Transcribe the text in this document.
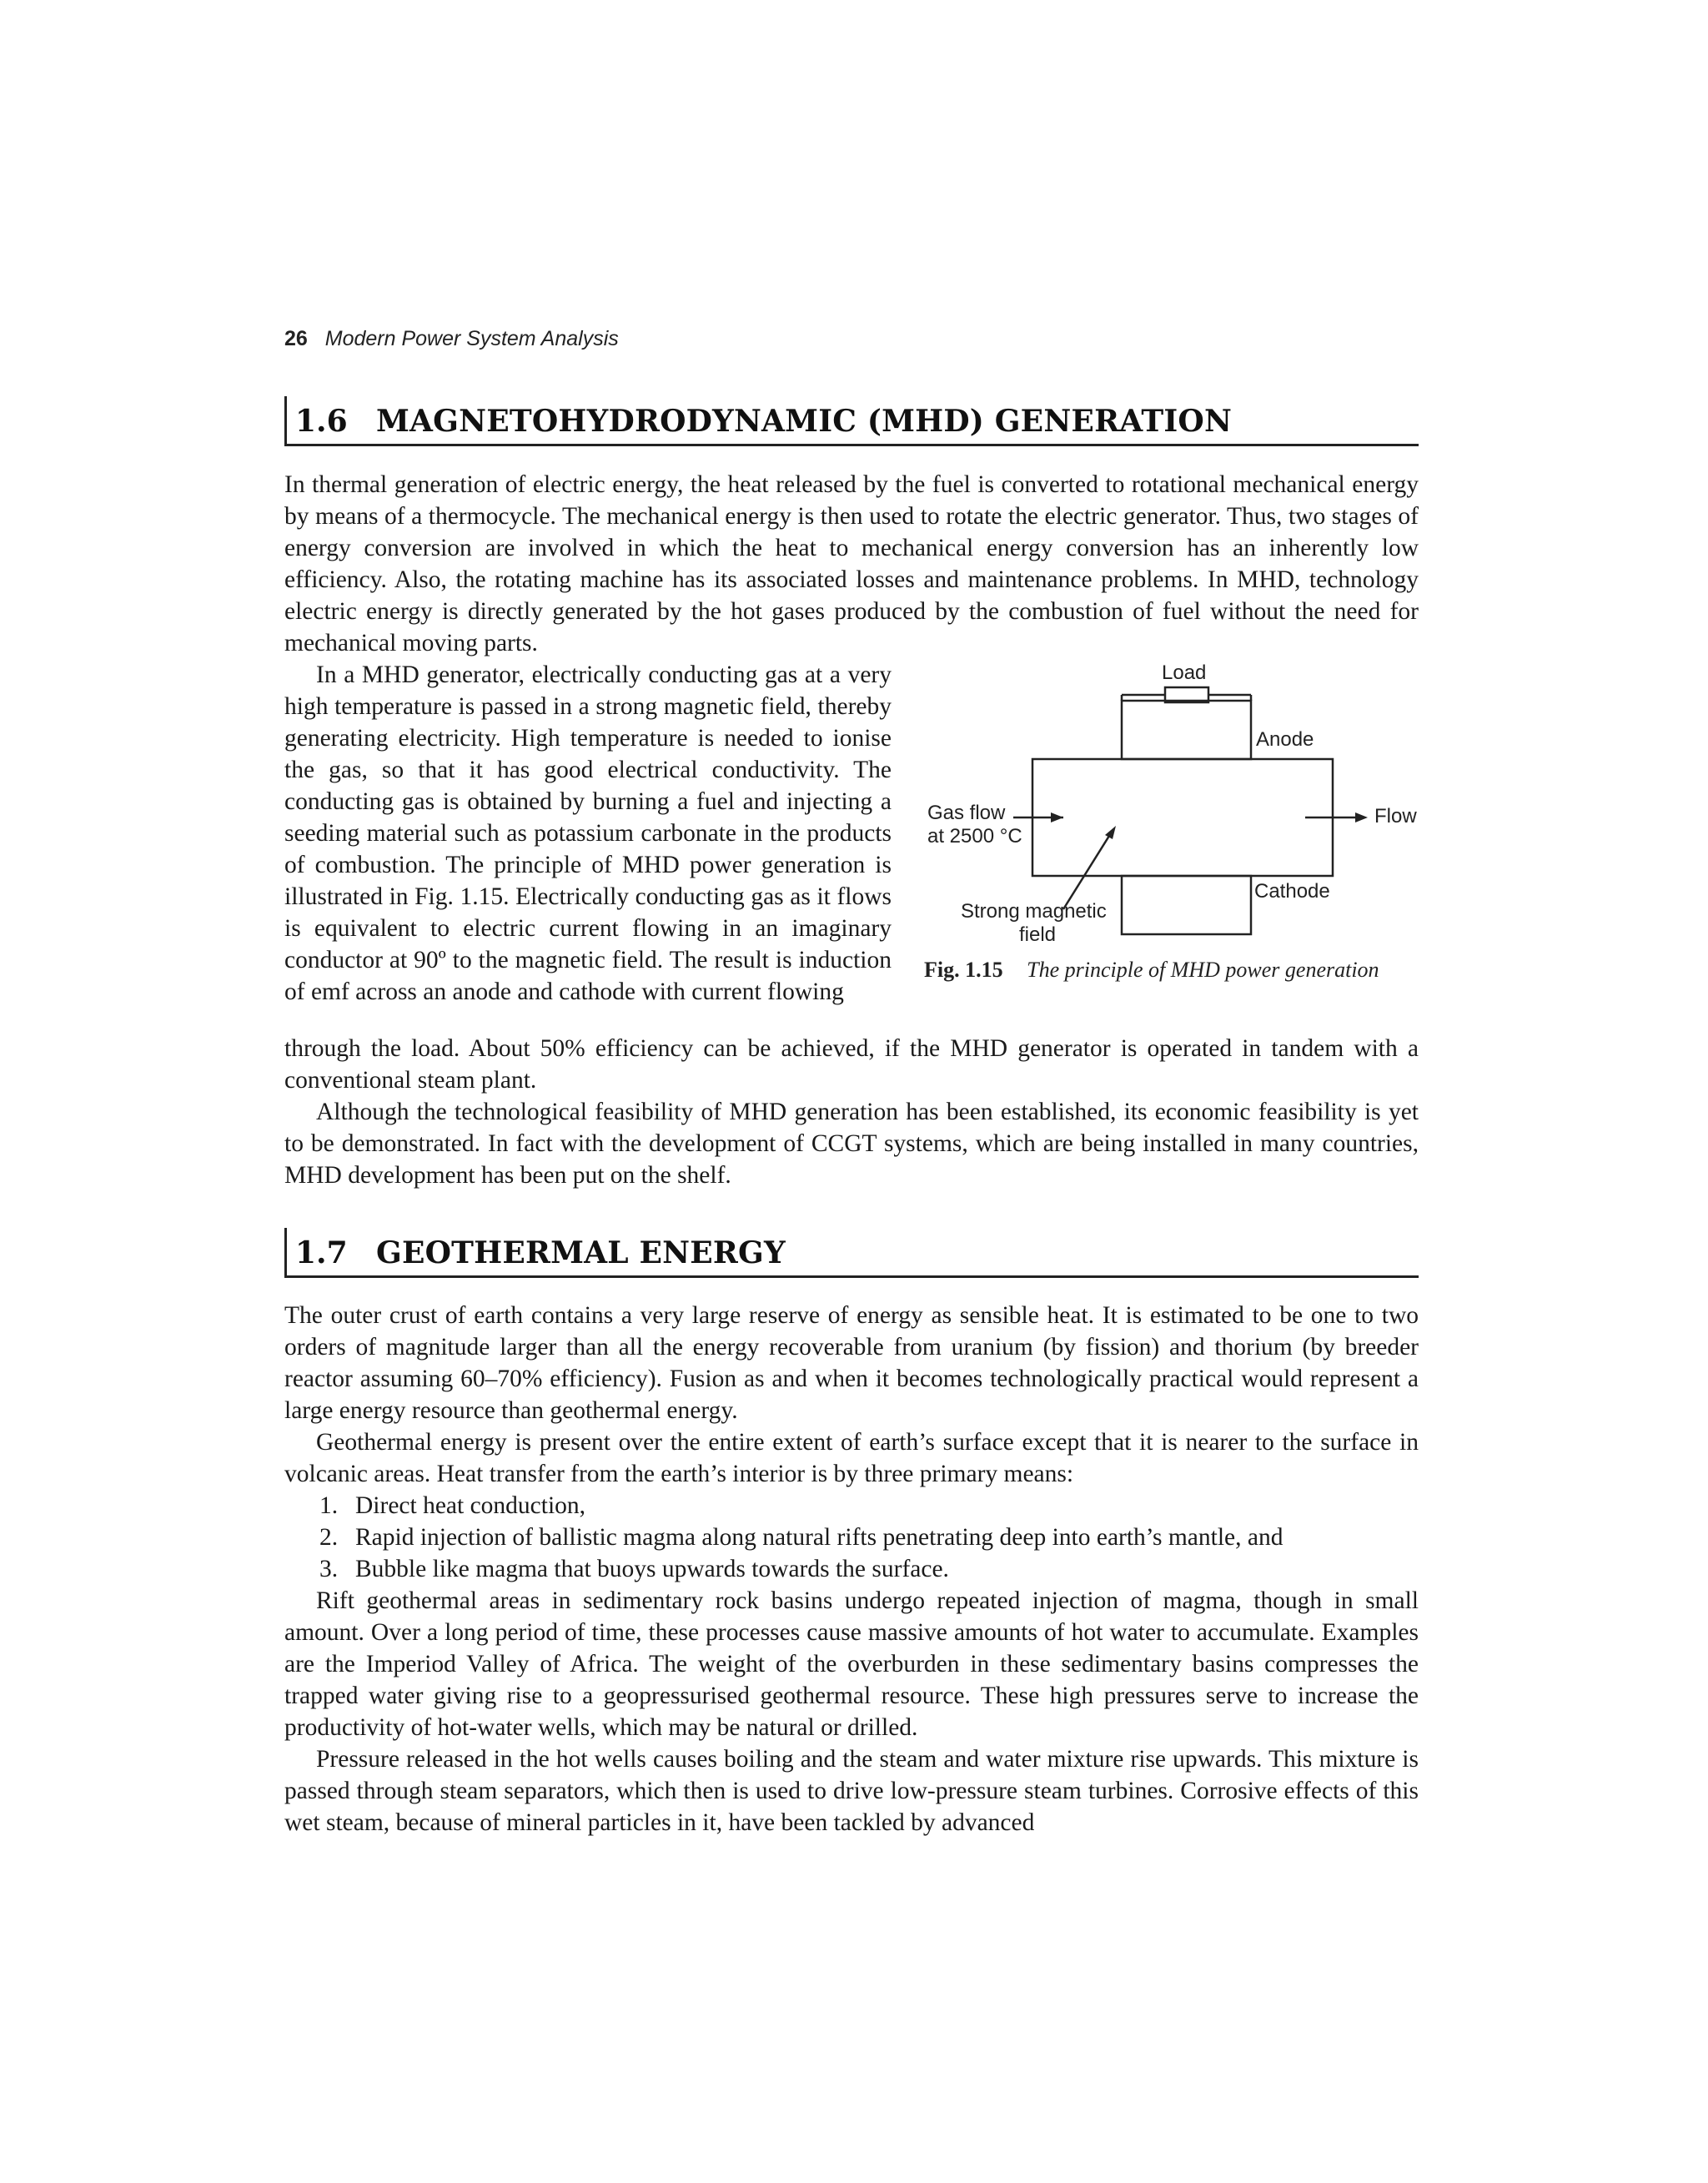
26 Modern Power System Analysis
1.6 MAGNETOHYDRODYNAMIC (MHD) GENERATION

In thermal generation of electric energy, the heat released by the fuel is converted to rotational mechanical energy by means of a thermocycle. The mechanical energy is then used to rotate the electric generator. Thus, two stages of energy conversion are involved in which the heat to mechanical energy conversion has an inherently low efficiency. Also, the rotating machine has its associated losses and maintenance problems. In MHD, technology electric energy is directly generated by the hot gases produced by the combustion of fuel without the need for mechanical moving parts.

In a MHD generator, electrically conducting gas at a very high temperature is passed in a strong magnetic field, thereby generating electricity. High temperature is needed to ionise the gas, so that it has good electrical conductivity. The conducting gas is obtained by burning a fuel and injecting a seeding material such as potassium carbonate in the products of combustion. The principle of MHD power generation is illustrated in Fig. 1.15. Electrically conducting gas as it flows is equivalent to electric current flowing in an imaginary conductor at 90º to the magnetic field. The result is induction of emf across an anode and cathode with current flowing

Load
Anode
Cathode
Gas flow
at 2500 °C
Flow
Strong magnetic
field
Fig. 1.15 The principle of MHD power generation

through the load. About 50% efficiency can be achieved, if the MHD generator is operated in tandem with a conventional steam plant.

Although the technological feasibility of MHD generation has been established, its economic feasibility is yet to be demonstrated. In fact with the development of CCGT systems, which are being installed in many countries, MHD development has been put on the shelf.

1.7 GEOTHERMAL ENERGY

The outer crust of earth contains a very large reserve of energy as sensible heat. It is estimated to be one to two orders of magnitude larger than all the energy recoverable from uranium (by fission) and thorium (by breeder reactor assuming 60–70% efficiency). Fusion as and when it becomes technologically practical would represent a large energy resource than geothermal energy.

Geothermal energy is present over the entire extent of earth’s surface except that it is nearer to the surface in volcanic areas. Heat transfer from the earth’s interior is by three primary means:

1. Direct heat conduction,
2. Rapid injection of ballistic magma along natural rifts penetrating deep into earth’s mantle, and
3. Bubble like magma that buoys upwards towards the surface.

Rift geothermal areas in sedimentary rock basins undergo repeated injection of magma, though in small amount. Over a long period of time, these processes cause massive amounts of hot water to accumulate. Examples are the Imperiod Valley of Africa. The weight of the overburden in these sedimentary basins compresses the trapped water giving rise to a geopressurised geothermal resource. These high pressures serve to increase the productivity of hot-water wells, which may be natural or drilled.

Pressure released in the hot wells causes boiling and the steam and water mixture rise upwards. This mixture is passed through steam separators, which then is used to drive low-pressure steam turbines. Corrosive effects of this wet steam, because of mineral particles in it, have been tackled by advanced
